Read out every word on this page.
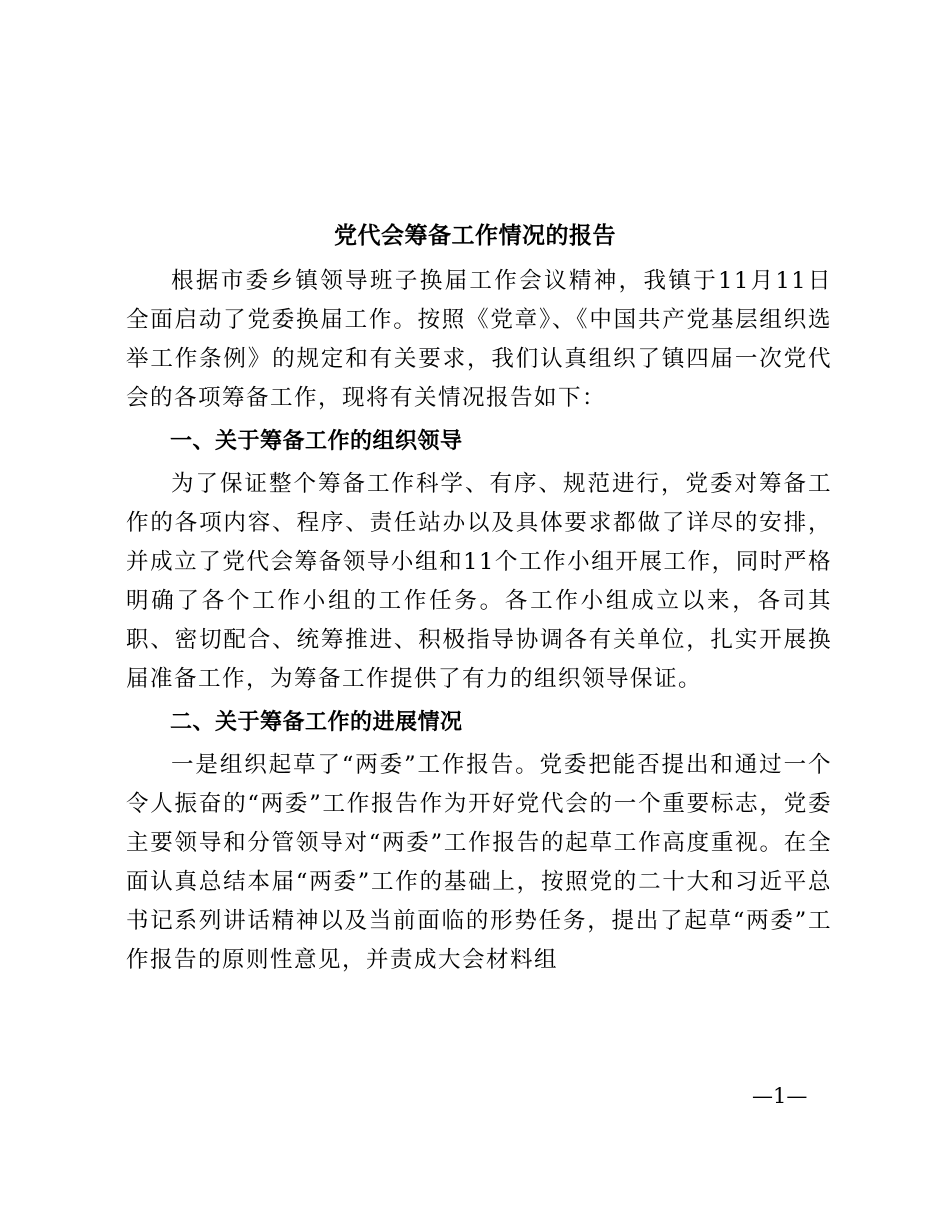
党代会筹备工作情况的报告

根据市委乡镇领导班子换届工作会议精神，我镇于11月11日全面启动了党委换届工作。按照《党章》、《中国共产党基层组织选举工作条例》的规定和有关要求，我们认真组织了镇四届一次党代会的各项筹备工作，现将有关情况报告如下：

一、关于筹备工作的组织领导

为了保证整个筹备工作科学、有序、规范进行，党委对筹备工作的各项内容、程序、责任站办以及具体要求都做了详尽的安排，并成立了党代会筹备领导小组和11个工作小组开展工作，同时严格明确了各个工作小组的工作任务。各工作小组成立以来，各司其职、密切配合、统筹推进、积极指导协调各有关单位，扎实开展换届准备工作，为筹备工作提供了有力的组织领导保证。

二、关于筹备工作的进展情况

一是组织起草了“两委”工作报告。党委把能否提出和通过一个令人振奋的“两委”工作报告作为开好党代会的一个重要标志，党委主要领导和分管领导对“两委”工作报告的起草工作高度重视。在全面认真总结本届“两委”工作的基础上，按照党的二十大和习近平总书记系列讲话精神以及当前面临的形势任务，提出了起草“两委”工作报告的原则性意见，并责成大会材料组

—1—
